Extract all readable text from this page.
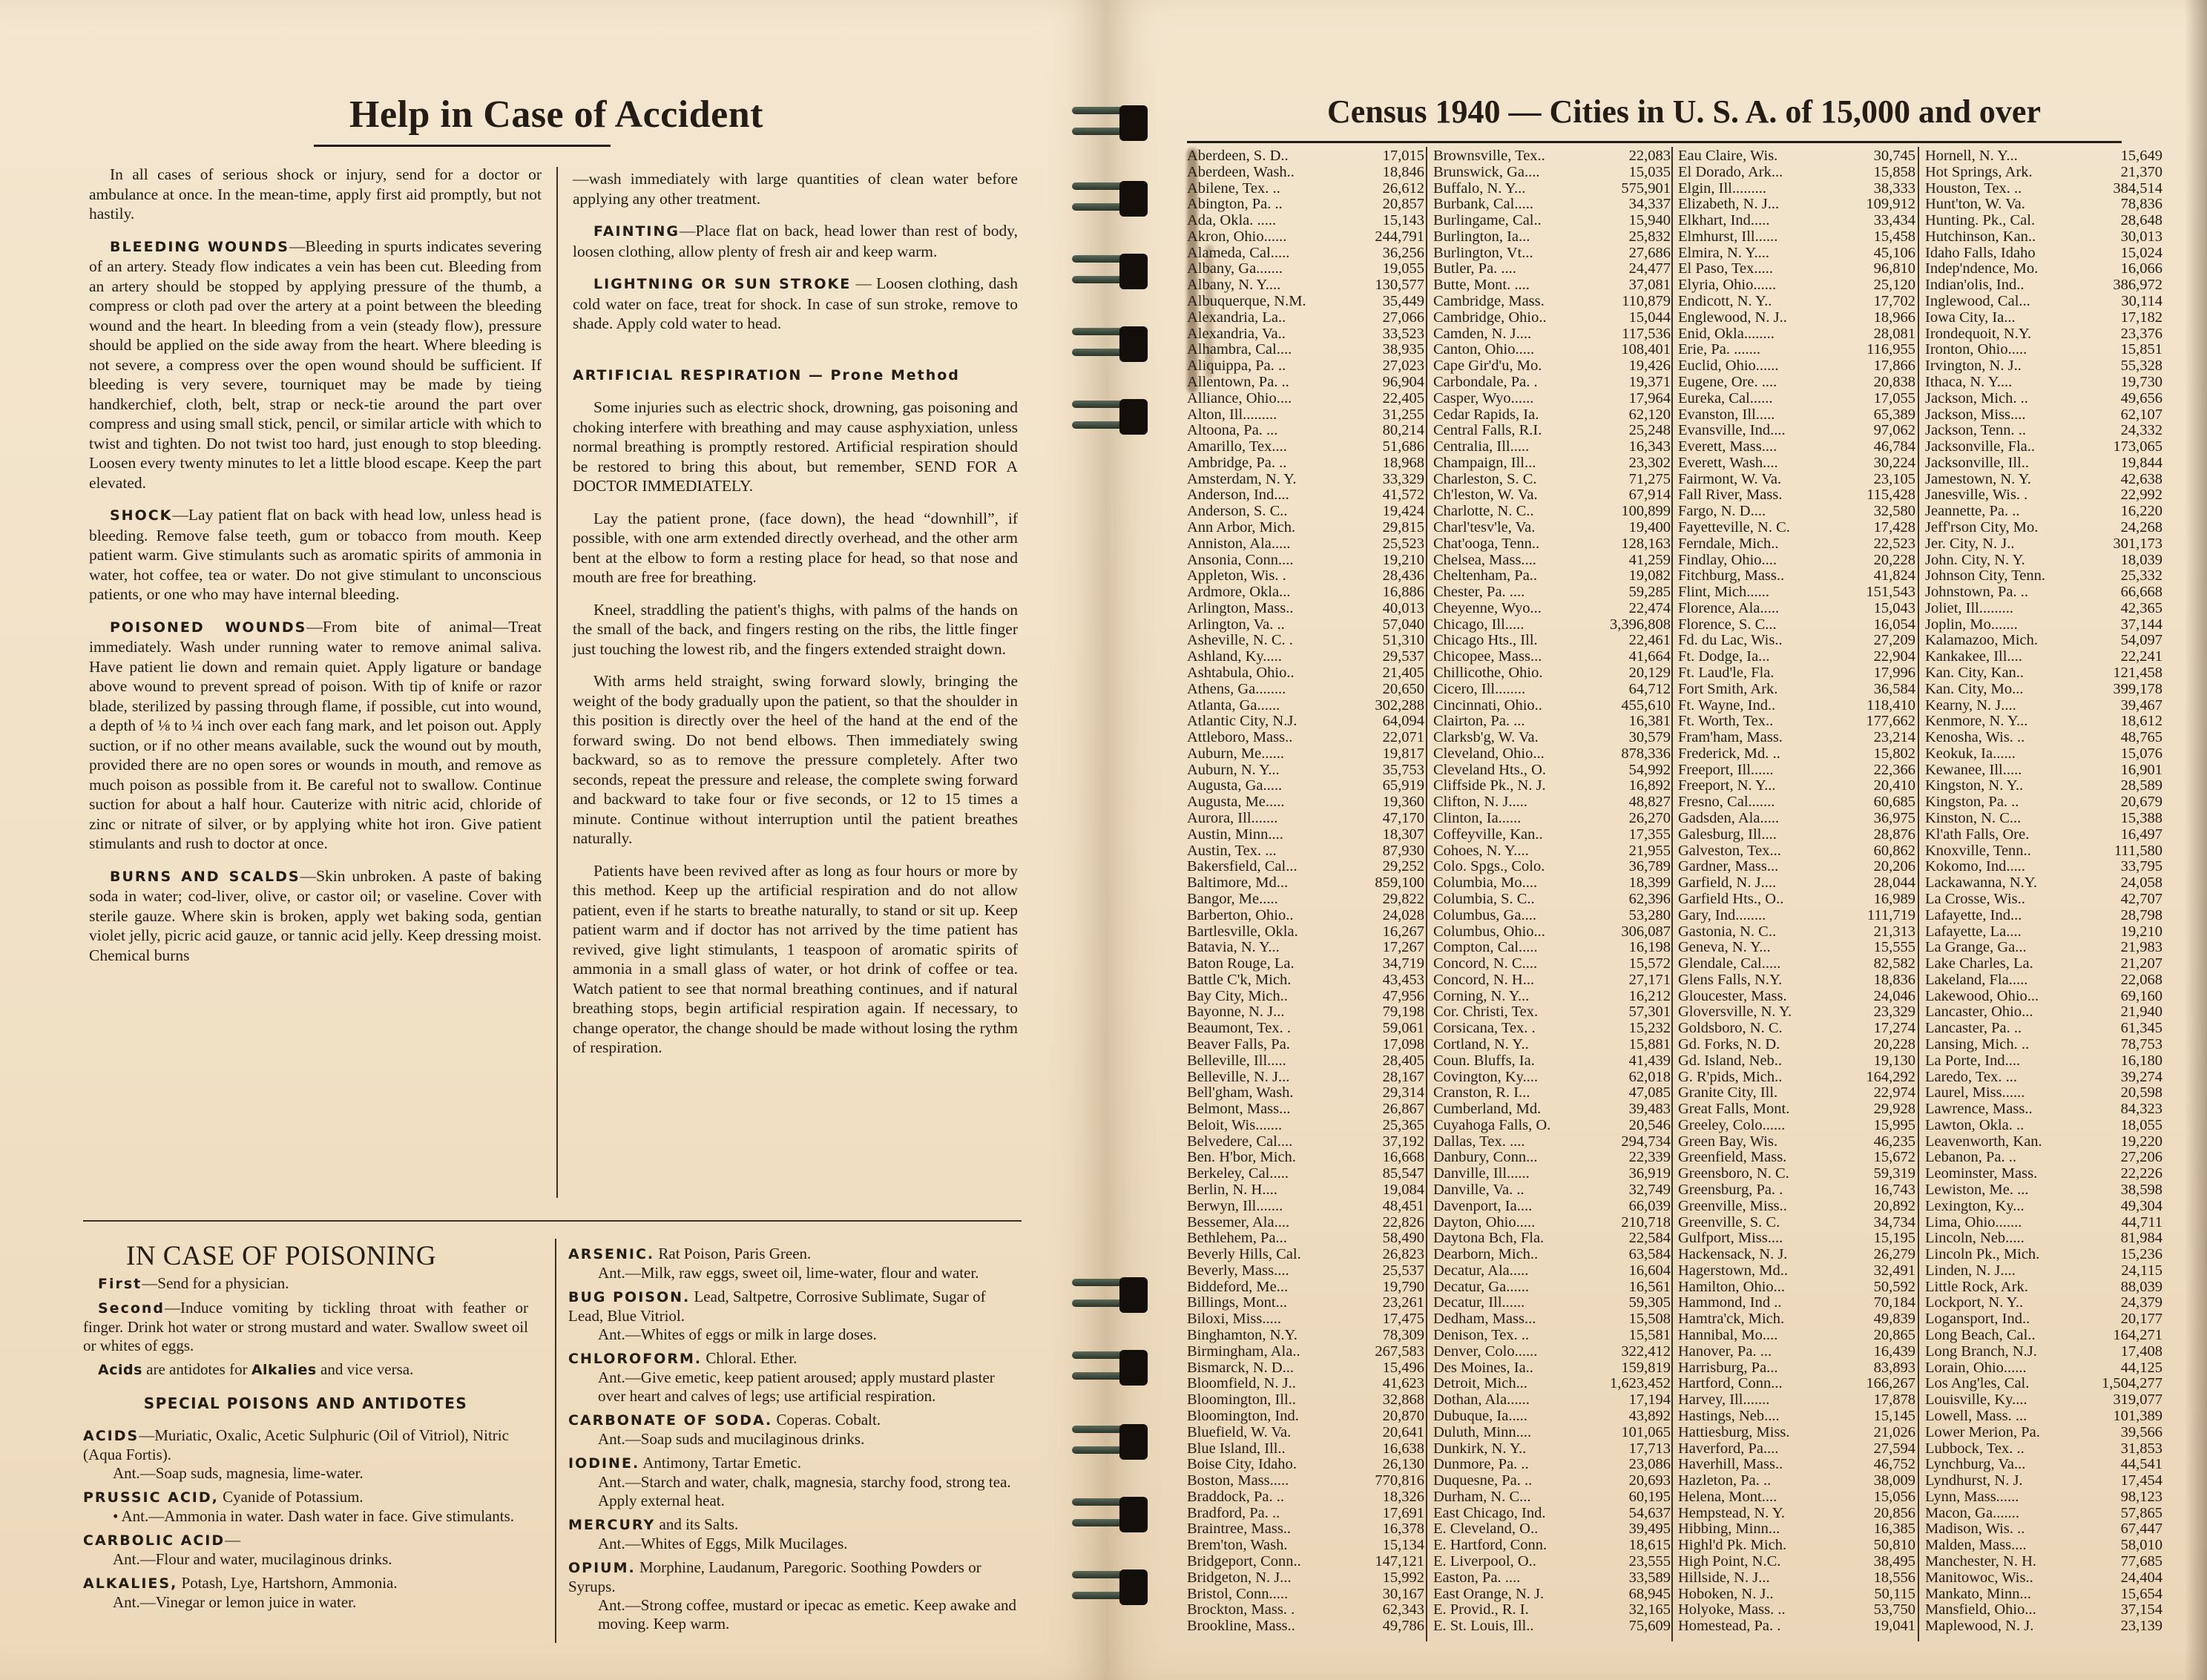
Help in Case of Accident

In all cases of serious shock or injury, send for a doctor or ambulance at once. In the mean-time, apply first aid promptly, but not hastily.

BLEEDING WOUNDS—Bleeding in spurts indicates severing of an artery. Steady flow indicates a vein has been cut. Bleeding from an artery should be stopped by applying pressure of the thumb, a compress or cloth pad over the artery at a point between the bleeding wound and the heart. In bleeding from a vein (steady flow), pressure should be applied on the side away from the heart. Where bleeding is not severe, a compress over the open wound should be sufficient. If bleeding is very severe, tourniquet may be made by tieing handkerchief, cloth, belt, strap or neck-tie around the part over compress and using small stick, pencil, or similar article with which to twist and tighten. Do not twist too hard, just enough to stop bleeding. Loosen every twenty minutes to let a little blood escape. Keep the part elevated.

SHOCK—Lay patient flat on back with head low, unless head is bleeding. Remove false teeth, gum or tobacco from mouth. Keep patient warm. Give stimulants such as aromatic spirits of ammonia in water, hot coffee, tea or water. Do not give stimulant to unconscious patients, or one who may have internal bleeding.

POISONED WOUNDS—From bite of animal—Treat immediately. Wash under running water to remove animal saliva. Have patient lie down and remain quiet. Apply ligature or bandage above wound to prevent spread of poison. With tip of knife or razor blade, sterilized by passing through flame, if possible, cut into wound, a depth of ⅛ to ¼ inch over each fang mark, and let poison out. Apply suction, or if no other means available, suck the wound out by mouth, provided there are no open sores or wounds in mouth, and remove as much poison as possible from it. Be careful not to swallow. Continue suction for about a half hour. Cauterize with nitric acid, chloride of zinc or nitrate of silver, or by applying white hot iron. Give patient stimulants and rush to doctor at once.

BURNS AND SCALDS—Skin unbroken. A paste of baking soda in water; cod-liver, olive, or castor oil; or vaseline. Cover with sterile gauze. Where skin is broken, apply wet baking soda, gentian violet jelly, picric acid gauze, or tannic acid jelly. Keep dressing moist. Chemical burns

—wash immediately with large quantities of clean water before applying any other treatment.

FAINTING—Place flat on back, head lower than rest of body, loosen clothing, allow plenty of fresh air and keep warm.

LIGHTNING OR SUN STROKE — Loosen clothing, dash cold water on face, treat for shock. In case of sun stroke, remove to shade. Apply cold water to head.

ARTIFICIAL RESPIRATION — Prone Method

Some injuries such as electric shock, drowning, gas poisoning and choking interfere with breathing and may cause asphyxiation, unless normal breathing is promptly restored. Artificial respiration should be restored to bring this about, but remember, SEND FOR A DOCTOR IMMEDIATELY.

Lay the patient prone, (face down), the head “downhill”, if possible, with one arm extended directly overhead, and the other arm bent at the elbow to form a resting place for head, so that nose and mouth are free for breathing.

Kneel, straddling the patient's thighs, with palms of the hands on the small of the back, and fingers resting on the ribs, the little finger just touching the lowest rib, and the fingers extended straight down.

With arms held straight, swing forward slowly, bringing the weight of the body gradually upon the patient, so that the shoulder in this position is directly over the heel of the hand at the end of the forward swing. Do not bend elbows. Then immediately swing backward, so as to remove the pressure completely. After two seconds, repeat the pressure and release, the complete swing forward and backward to take four or five seconds, or 12 to 15 times a minute. Continue without interruption until the patient breathes naturally.

Patients have been revived after as long as four hours or more by this method. Keep up the artificial respiration and do not allow patient, even if he starts to breathe naturally, to stand or sit up. Keep patient warm and if doctor has not arrived by the time patient has revived, give light stimulants, 1 teaspoon of aromatic spirits of ammonia in a small glass of water, or hot drink of coffee or tea. Watch patient to see that normal breathing continues, and if natural breathing stops, begin artificial respiration again. If necessary, to change operator, the change should be made without losing the rythm of respiration.

IN CASE OF POISONING

First—Send for a physician.

Second—Induce vomiting by tickling throat with feather or finger. Drink hot water or strong mustard and water. Swallow sweet oil or whites of eggs.

Acids are antidotes for Alkalies and vice versa.

SPECIAL POISONS AND ANTIDOTES
ACIDS—Muriatic, Oxalic, Acetic Sulphuric (Oil of Vitriol), Nitric (Aqua Fortis).
Ant.—Soap suds, magnesia, lime-water.
PRUSSIC ACID, Cyanide of Potassium.
• Ant.—Ammonia in water. Dash water in face. Give stimulants.
CARBOLIC ACID—
Ant.—Flour and water, mucilaginous drinks.
ALKALIES, Potash, Lye, Hartshorn, Ammonia.
Ant.—Vinegar or lemon juice in water.
ARSENIC. Rat Poison, Paris Green.
Ant.—Milk, raw eggs, sweet oil, lime-water, flour and water.
BUG POISON. Lead, Saltpetre, Corrosive Sublimate, Sugar of Lead, Blue Vitriol.
Ant.—Whites of eggs or milk in large doses.
CHLOROFORM. Chloral. Ether.
Ant.—Give emetic, keep patient aroused; apply mustard plaster over heart and calves of legs; use artificial respiration.
CARBONATE OF SODA. Coperas. Cobalt.
Ant.—Soap suds and mucilaginous drinks.
IODINE. Antimony, Tartar Emetic.
Ant.—Starch and water, chalk, magnesia, starchy food, strong tea. Apply external heat.
MERCURY and its Salts.
Ant.—Whites of Eggs, Milk Mucilages.
OPIUM. Morphine, Laudanum, Paregoric. Soothing Powders or Syrups.
Ant.—Strong coffee, mustard or ipecac as emetic. Keep awake and moving. Keep warm.
Census 1940 — Cities in U. S. A. of 15,000 and over
Aberdeen, S. D..	17,015
Aberdeen, Wash..	18,846
Abilene, Tex. ..	26,612
Abington, Pa. ..	20,857
Ada, Okla. .....	15,143
Akron, Ohio......	244,791
Alameda, Cal.....	36,256
Albany, Ga.......	19,055
Albany, N. Y....	130,577
Albuquerque, N.M.	35,449
Alexandria, La..	27,066
Alexandria, Va..	33,523
Alhambra, Cal....	38,935
Aliquippa, Pa. ..	27,023
Allentown, Pa. ..	96,904
Alliance, Ohio....	22,405
Alton, Ill.........	31,255
Altoona, Pa. ...	80,214
Amarillo, Tex....	51,686
Ambridge, Pa. ..	18,968
Amsterdam, N. Y.	33,329
Anderson, Ind....	41,572
Anderson, S. C..	19,424
Ann Arbor, Mich.	29,815
Anniston, Ala.....	25,523
Ansonia, Conn....	19,210
Appleton, Wis. .	28,436
Ardmore, Okla...	16,886
Arlington, Mass..	40,013
Arlington, Va. ..	57,040
Asheville, N. C. .	51,310
Ashland, Ky.....	29,537
Ashtabula, Ohio..	21,405
Athens, Ga........	20,650
Atlanta, Ga......	302,288
Atlantic City, N.J.	64,094
Attleboro, Mass..	22,071
Auburn, Me......	19,817
Auburn, N. Y...	35,753
Augusta, Ga.....	65,919
Augusta, Me.....	19,360
Aurora, Ill.......	47,170
Austin, Minn....	18,307
Austin, Tex. ...	87,930
Bakersfield, Cal...	29,252
Baltimore, Md...	859,100
Bangor, Me.....	29,822
Barberton, Ohio..	24,028
Bartlesville, Okla.	16,267
Batavia, N. Y...	17,267
Baton Rouge, La.	34,719
Battle C'k, Mich.	43,453
Bay City, Mich..	47,956
Bayonne, N. J...	79,198
Beaumont, Tex. .	59,061
Beaver Falls, Pa.	17,098
Belleville, Ill.....	28,405
Belleville, N. J...	28,167
Bell'gham, Wash.	29,314
Belmont, Mass...	26,867
Beloit, Wis.......	25,365
Belvedere, Cal....	37,192
Ben. H'bor, Mich.	16,668
Berkeley, Cal.....	85,547
Berlin, N. H....	19,084
Berwyn, Ill.......	48,451
Bessemer, Ala....	22,826
Bethlehem, Pa...	58,490
Beverly Hills, Cal.	26,823
Beverly, Mass....	25,537
Biddeford, Me...	19,790
Billings, Mont...	23,261
Biloxi, Miss.....	17,475
Binghamton, N.Y.	78,309
Birmingham, Ala..	267,583
Bismarck, N. D...	15,496
Bloomfield, N. J..	41,623
Bloomington, Ill..	32,868
Bloomington, Ind.	20,870
Bluefield, W. Va.	20,641
Blue Island, Ill..	16,638
Boise City, Idaho.	26,130
Boston, Mass.....	770,816
Braddock, Pa. ..	18,326
Bradford, Pa. ..	17,691
Braintree, Mass..	16,378
Brem'ton, Wash.	15,134
Bridgeport, Conn..	147,121
Bridgeton, N. J...	15,992
Bristol, Conn.....	30,167
Brockton, Mass. .	62,343
Brookline, Mass..	49,786
Brownsville, Tex..	22,083
Brunswick, Ga....	15,035
Buffalo, N. Y...	575,901
Burbank, Cal.....	34,337
Burlingame, Cal..	15,940
Burlington, Ia...	25,832
Burlington, Vt...	27,686
Butler, Pa. ....	24,477
Butte, Mont. ....	37,081
Cambridge, Mass.	110,879
Cambridge, Ohio..	15,044
Camden, N. J....	117,536
Canton, Ohio.....	108,401
Cape Gir'd'u, Mo.	19,426
Carbondale, Pa. .	19,371
Casper, Wyo......	17,964
Cedar Rapids, Ia.	62,120
Central Falls, R.I.	25,248
Centralia, Ill.....	16,343
Champaign, Ill...	23,302
Charleston, S. C.	71,275
Ch'leston, W. Va.	67,914
Charlotte, N. C..	100,899
Charl'tesv'le, Va.	19,400
Chat'ooga, Tenn..	128,163
Chelsea, Mass....	41,259
Cheltenham, Pa..	19,082
Chester, Pa. ....	59,285
Cheyenne, Wyo...	22,474
Chicago, Ill.....	3,396,808
Chicago Hts., Ill.	22,461
Chicopee, Mass...	41,664
Chillicothe, Ohio.	20,129
Cicero, Ill........	64,712
Cincinnati, Ohio..	455,610
Clairton, Pa. ...	16,381
Clarksb'g, W. Va.	30,579
Cleveland, Ohio...	878,336
Cleveland Hts., O.	54,992
Cliffside Pk., N. J.	16,892
Clifton, N. J.....	48,827
Clinton, Ia......	26,270
Coffeyville, Kan..	17,355
Cohoes, N. Y....	21,955
Colo. Spgs., Colo.	36,789
Columbia, Mo....	18,399
Columbia, S. C..	62,396
Columbus, Ga....	53,280
Columbus, Ohio...	306,087
Compton, Cal.....	16,198
Concord, N. C....	15,572
Concord, N. H...	27,171
Corning, N. Y...	16,212
Cor. Christi, Tex.	57,301
Corsicana, Tex. .	15,232
Cortland, N. Y..	15,881
Coun. Bluffs, Ia.	41,439
Covington, Ky....	62,018
Cranston, R. I...	47,085
Cumberland, Md.	39,483
Cuyahoga Falls, O.	20,546
Dallas, Tex. ....	294,734
Danbury, Conn...	22,339
Danville, Ill......	36,919
Danville, Va. ..	32,749
Davenport, Ia....	66,039
Dayton, Ohio.....	210,718
Daytona Bch, Fla.	22,584
Dearborn, Mich..	63,584
Decatur, Ala.....	16,604
Decatur, Ga......	16,561
Decatur, Ill......	59,305
Dedham, Mass...	15,508
Denison, Tex. ..	15,581
Denver, Colo......	322,412
Des Moines, Ia..	159,819
Detroit, Mich...	1,623,452
Dothan, Ala......	17,194
Dubuque, Ia.....	43,892
Duluth, Minn....	101,065
Dunkirk, N. Y..	17,713
Dunmore, Pa. ..	23,086
Duquesne, Pa. ..	20,693
Durham, N. C...	60,195
East Chicago, Ind.	54,637
E. Cleveland, O..	39,495
E. Hartford, Conn.	18,615
E. Liverpool, O..	23,555
Easton, Pa. ....	33,589
East Orange, N. J.	68,945
E. Provid., R. I.	32,165
E. St. Louis, Ill..	75,609
Eau Claire, Wis.	30,745
El Dorado, Ark...	15,858
Elgin, Ill.........	38,333
Elizabeth, N. J...	109,912
Elkhart, Ind.....	33,434
Elmhurst, Ill......	15,458
Elmira, N. Y....	45,106
El Paso, Tex.....	96,810
Elyria, Ohio......	25,120
Endicott, N. Y..	17,702
Englewood, N. J..	18,966
Enid, Okla........	28,081
Erie, Pa. .......	116,955
Euclid, Ohio......	17,866
Eugene, Ore. ....	20,838
Eureka, Cal......	17,055
Evanston, Ill.....	65,389
Evansville, Ind....	97,062
Everett, Mass....	46,784
Everett, Wash....	30,224
Fairmont, W. Va.	23,105
Fall River, Mass.	115,428
Fargo, N. D....	32,580
Fayetteville, N. C.	17,428
Ferndale, Mich..	22,523
Findlay, Ohio....	20,228
Fitchburg, Mass..	41,824
Flint, Mich......	151,543
Florence, Ala.....	15,043
Florence, S. C...	16,054
Fd. du Lac, Wis..	27,209
Ft. Dodge, Ia...	22,904
Ft. Laud'le, Fla.	17,996
Fort Smith, Ark.	36,584
Ft. Wayne, Ind..	118,410
Ft. Worth, Tex..	177,662
Fram'ham, Mass.	23,214
Frederick, Md. ..	15,802
Freeport, Ill......	22,366
Freeport, N. Y...	20,410
Fresno, Cal.......	60,685
Gadsden, Ala.....	36,975
Galesburg, Ill....	28,876
Galveston, Tex...	60,862
Gardner, Mass...	20,206
Garfield, N. J....	28,044
Garfield Hts., O..	16,989
Gary, Ind........	111,719
Gastonia, N. C..	21,313
Geneva, N. Y...	15,555
Glendale, Cal.....	82,582
Glens Falls, N.Y.	18,836
Gloucester, Mass.	24,046
Gloversville, N. Y.	23,329
Goldsboro, N. C.	17,274
Gd. Forks, N. D.	20,228
Gd. Island, Neb..	19,130
G. R'pids, Mich..	164,292
Granite City, Ill.	22,974
Great Falls, Mont.	29,928
Greeley, Colo......	15,995
Green Bay, Wis.	46,235
Greenfield, Mass.	15,672
Greensboro, N. C.	59,319
Greensburg, Pa. .	16,743
Greenville, Miss..	20,892
Greenville, S. C.	34,734
Gulfport, Miss....	15,195
Hackensack, N. J.	26,279
Hagerstown, Md..	32,491
Hamilton, Ohio...	50,592
Hammond, Ind ..	70,184
Hamtra'ck, Mich.	49,839
Hannibal, Mo....	20,865
Hanover, Pa. ...	16,439
Harrisburg, Pa...	83,893
Hartford, Conn...	166,267
Harvey, Ill.......	17,878
Hastings, Neb....	15,145
Hattiesburg, Miss.	21,026
Haverford, Pa....	27,594
Haverhill, Mass..	46,752
Hazleton, Pa. ..	38,009
Helena, Mont....	15,056
Hempstead, N. Y.	20,856
Hibbing, Minn...	16,385
Highl'd Pk. Mich.	50,810
High Point, N.C.	38,495
Hillside, N. J...	18,556
Hoboken, N. J..	50,115
Holyoke, Mass. ..	53,750
Homestead, Pa. .	19,041
Hornell, N. Y...	15,649
Hot Springs, Ark.	21,370
Houston, Tex. ..	384,514
Hunt'ton, W. Va.	78,836
Hunting. Pk., Cal.	28,648
Hutchinson, Kan..	30,013
Idaho Falls, Idaho	15,024
Indep'ndence, Mo.	16,066
Indian'olis, Ind..	386,972
Inglewood, Cal...	30,114
Iowa City, Ia...	17,182
Irondequoit, N.Y.	23,376
Ironton, Ohio.....	15,851
Irvington, N. J..	55,328
Ithaca, N. Y....	19,730
Jackson, Mich. ..	49,656
Jackson, Miss....	62,107
Jackson, Tenn. ..	24,332
Jacksonville, Fla..	173,065
Jacksonville, Ill..	19,844
Jamestown, N. Y.	42,638
Janesville, Wis. .	22,992
Jeannette, Pa. ..	16,220
Jeff'rson City, Mo.	24,268
Jer. City, N. J..	301,173
John. City, N. Y.	18,039
Johnson City, Tenn.	25,332
Johnstown, Pa. ..	66,668
Joliet, Ill.........	42,365
Joplin, Mo.......	37,144
Kalamazoo, Mich.	54,097
Kankakee, Ill....	22,241
Kan. City, Kan..	121,458
Kan. City, Mo...	399,178
Kearny, N. J....	39,467
Kenmore, N. Y...	18,612
Kenosha, Wis. ..	48,765
Keokuk, Ia......	15,076
Kewanee, Ill.....	16,901
Kingston, N. Y..	28,589
Kingston, Pa. ..	20,679
Kinston, N. C...	15,388
Kl'ath Falls, Ore.	16,497
Knoxville, Tenn..	111,580
Kokomo, Ind.....	33,795
Lackawanna, N.Y.	24,058
La Crosse, Wis..	42,707
Lafayette, Ind...	28,798
Lafayette, La....	19,210
La Grange, Ga...	21,983
Lake Charles, La.	21,207
Lakeland, Fla.....	22,068
Lakewood, Ohio...	69,160
Lancaster, Ohio...	21,940
Lancaster, Pa. ..	61,345
Lansing, Mich. ..	78,753
La Porte, Ind....	16,180
Laredo, Tex. ...	39,274
Laurel, Miss......	20,598
Lawrence, Mass..	84,323
Lawton, Okla. ..	18,055
Leavenworth, Kan.	19,220
Lebanon, Pa. ..	27,206
Leominster, Mass.	22,226
Lewiston, Me. ...	38,598
Lexington, Ky...	49,304
Lima, Ohio.......	44,711
Lincoln, Neb.....	81,984
Lincoln Pk., Mich.	15,236
Linden, N. J....	24,115
Little Rock, Ark.	88,039
Lockport, N. Y..	24,379
Logansport, Ind..	20,177
Long Beach, Cal..	164,271
Long Branch, N.J.	17,408
Lorain, Ohio......	44,125
Los Ang'les, Cal.	1,504,277
Louisville, Ky....	319,077
Lowell, Mass. ...	101,389
Lower Merion, Pa.	39,566
Lubbock, Tex. ..	31,853
Lynchburg, Va...	44,541
Lyndhurst, N. J.	17,454
Lynn, Mass......	98,123
Macon, Ga.......	57,865
Madison, Wis. ..	67,447
Malden, Mass....	58,010
Manchester, N. H.	77,685
Manitowoc, Wis..	24,404
Mankato, Minn...	15,654
Mansfield, Ohio...	37,154
Maplewood, N. J.	23,139
